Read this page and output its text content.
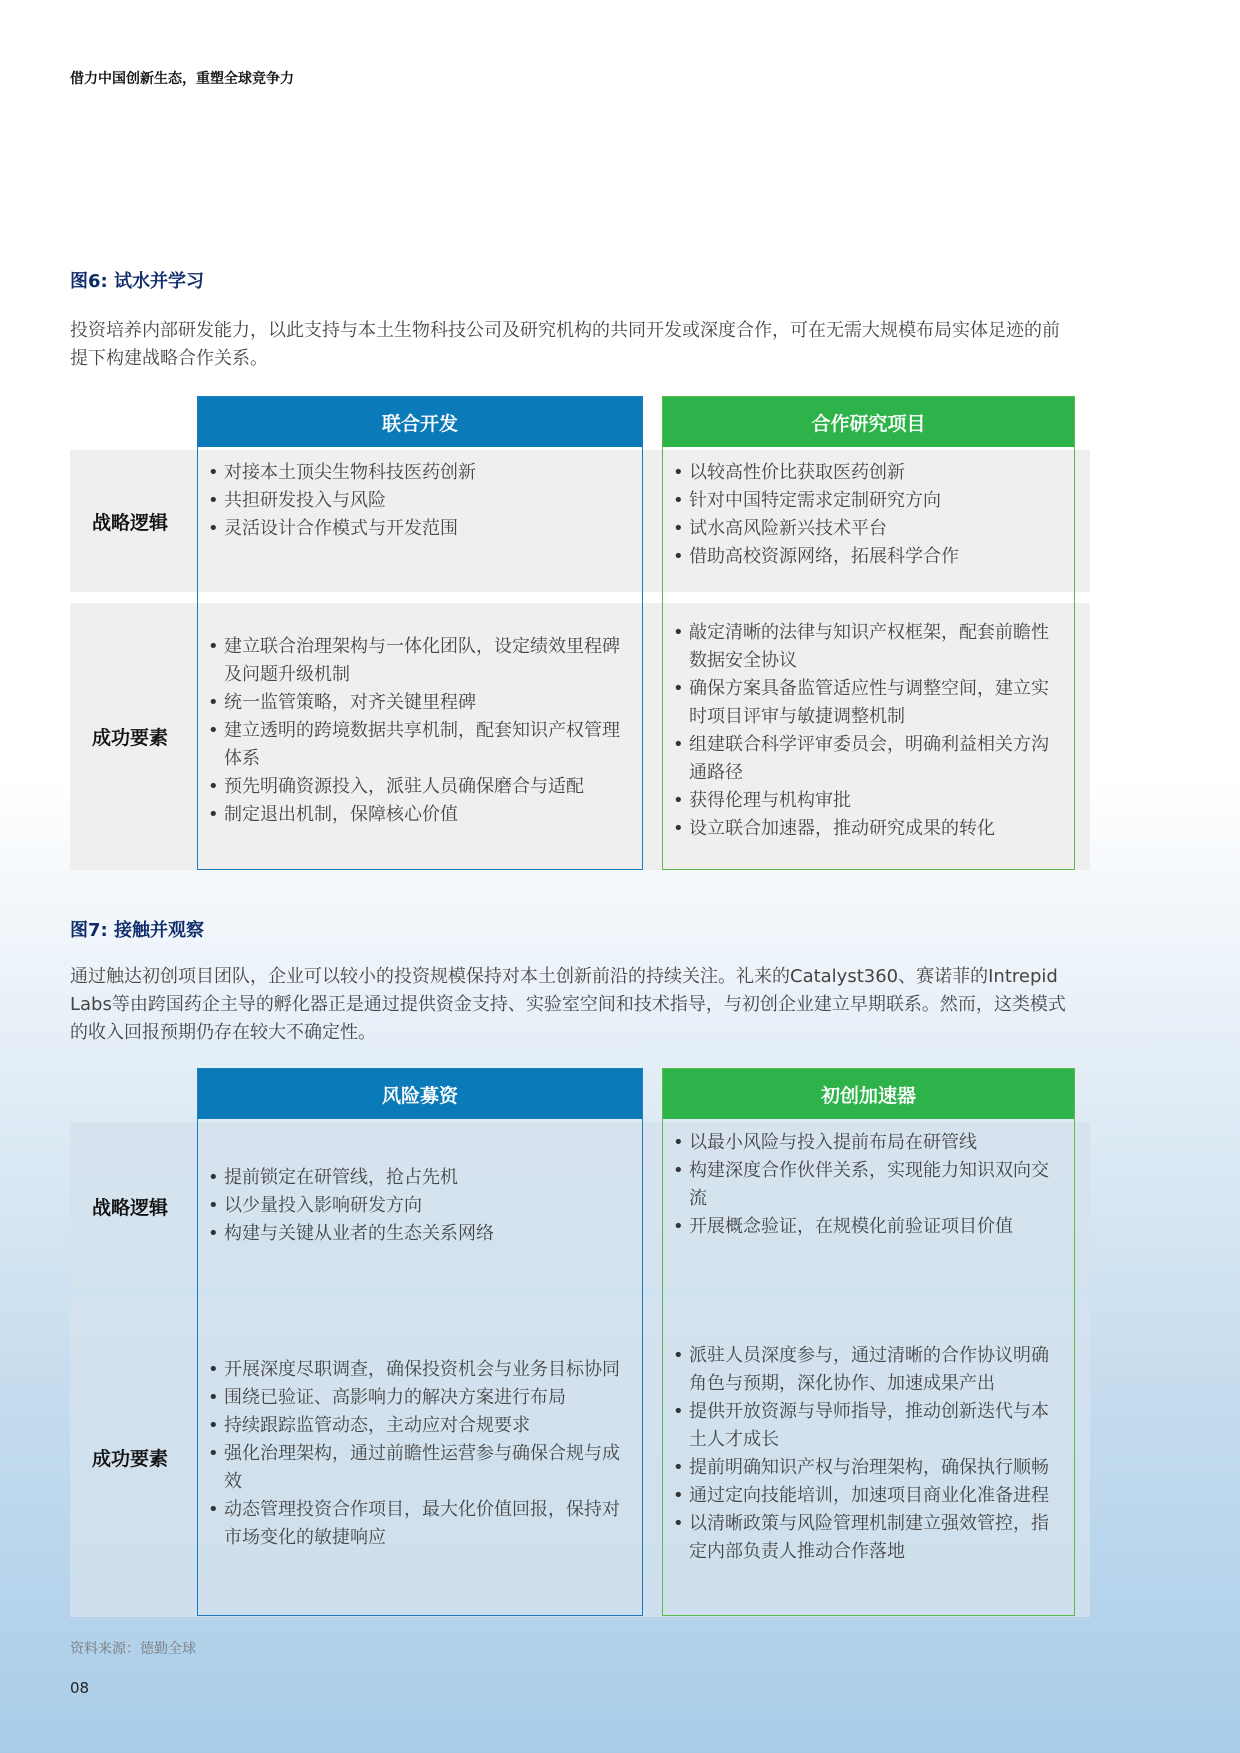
借力中国创新生态，重塑全球竞争力
图6: 试水并学习
投资培养内部研发能力，以此支持与本土生物科技公司及研究机构的共同开发或深度合作，可在无需大规模布局实体足迹的前提下构建战略合作关系。
战略逻辑
成功要素
联合开发
• 对接本土顶尖生物科技医药创新
• 共担研发投入与风险
• 灵活设计合作模式与开发范围
• 建立联合治理架构与一体化团队，设定绩效里程碑及问题升级机制
• 统一监管策略，对齐关键里程碑
• 建立透明的跨境数据共享机制，配套知识产权管理体系
• 预先明确资源投入，派驻人员确保磨合与适配
• 制定退出机制，保障核心价值
合作研究项目
• 以较高性价比获取医药创新
• 针对中国特定需求定制研究方向
• 试水高风险新兴技术平台
• 借助高校资源网络，拓展科学合作
• 敲定清晰的法律与知识产权框架，配套前瞻性数据安全协议
• 确保方案具备监管适应性与调整空间，建立实时项目评审与敏捷调整机制
• 组建联合科学评审委员会，明确利益相关方沟通路径
• 获得伦理与机构审批
• 设立联合加速器，推动研究成果的转化
图7: 接触并观察
通过触达初创项目团队，企业可以较小的投资规模保持对本土创新前沿的持续关注。礼来的Catalyst360、赛诺菲的Intrepid Labs等由跨国药企主导的孵化器正是通过提供资金支持、实验室空间和技术指导，与初创企业建立早期联系。然而，这类模式的收入回报预期仍存在较大不确定性。
战略逻辑
成功要素
风险募资
• 提前锁定在研管线，抢占先机
• 以少量投入影响研发方向
• 构建与关键从业者的生态关系网络
• 开展深度尽职调查，确保投资机会与业务目标协同
• 围绕已验证、高影响力的解决方案进行布局
• 持续跟踪监管动态，主动应对合规要求
• 强化治理架构，通过前瞻性运营参与确保合规与成效
• 动态管理投资合作项目，最大化价值回报，保持对市场变化的敏捷响应
初创加速器
• 以最小风险与投入提前布局在研管线
• 构建深度合作伙伴关系，实现能力知识双向交流
• 开展概念验证，在规模化前验证项目价值
• 派驻人员深度参与，通过清晰的合作协议明确角色与预期，深化协作、加速成果产出
• 提供开放资源与导师指导，推动创新迭代与本土人才成长
• 提前明确知识产权与治理架构，确保执行顺畅
• 通过定向技能培训，加速项目商业化准备进程
• 以清晰政策与风险管理机制建立强效管控，指定内部负责人推动合作落地
资料来源：德勤全球
08
